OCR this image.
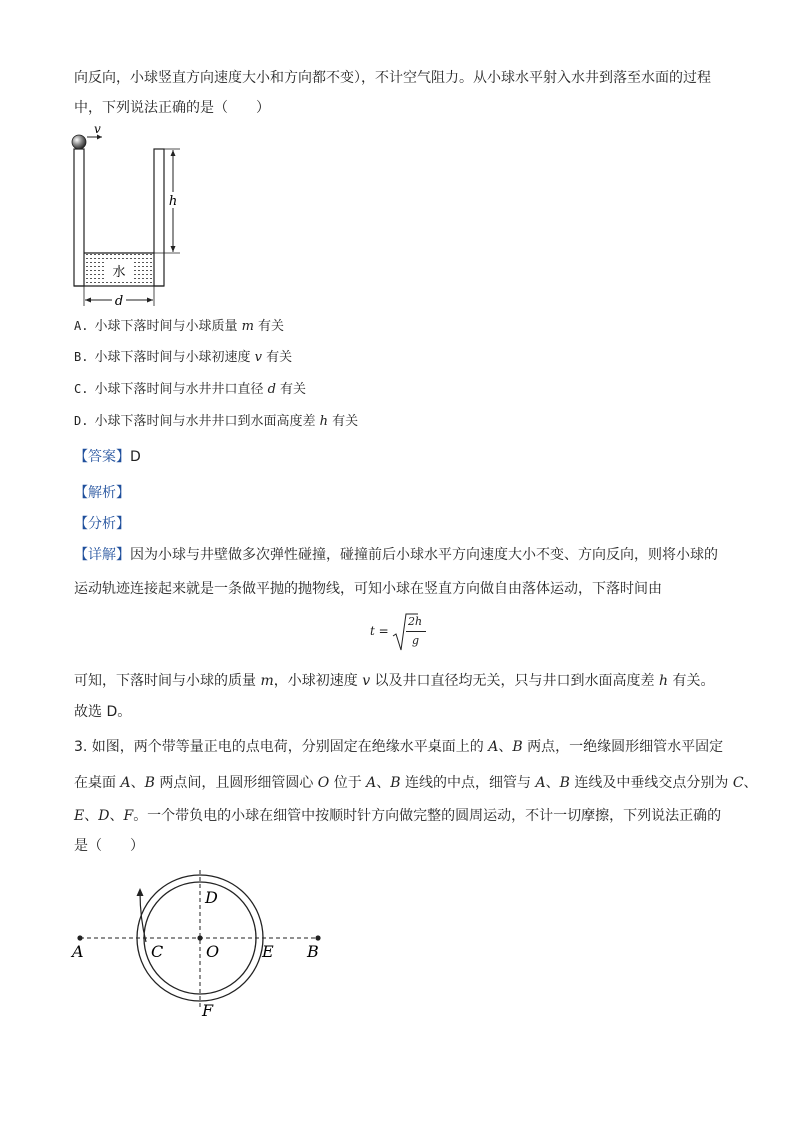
向反向，小球竖直方向速度大小和方向都不变），不计空气阻力。从小球水平射入水井到落至水面的过程
中，下列说法正确的是（　　）
水
v
h
d
A. 小球下落时间与小球质量 m 有关
B. 小球下落时间与小球初速度 v 有关
C. 小球下落时间与水井井口直径 d 有关
D. 小球下落时间与水井井口到水面高度差 h 有关
【答案】D
【解析】
【分析】
【详解】因为小球与井壁做多次弹性碰撞，碰撞前后小球水平方向速度大小不变、方向反向，则将小球的
运动轨迹连接起来就是一条做平抛的抛物线，可知小球在竖直方向做自由落体运动，下落时间由
t =
2h
g
可知，下落时间与小球的质量 m，小球初速度 v 以及井口直径均无关，只与井口到水面高度差 h 有关。
故选 D。
3. 如图，两个带等量正电的点电荷，分别固定在绝缘水平桌面上的 A、B 两点，一绝缘圆形细管水平固定
在桌面 A、B 两点间，且圆形细管圆心 O 位于 A、B 连线的中点，细管与 A、B 连线及中垂线交点分别为 C、
E、D、F。一个带负电的小球在细管中按顺时针方向做完整的圆周运动，不计一切摩擦，下列说法正确的
是（　　）
A	B
C	O	E
D
F
